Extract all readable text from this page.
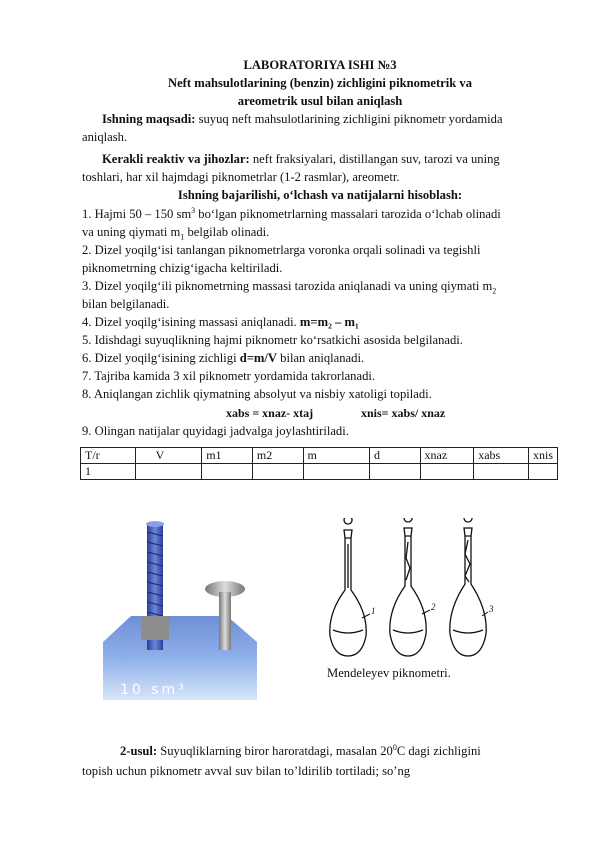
LABORATORIYA ISHI №3
Neft mahsulotlarining (benzin) zichligini piknometrik va
areometrik usul bilan aniqlash
Ishning maqsadi: suyuq neft mahsulotlarining zichligini piknometr yordamida
aniqlash.
Kerakli reaktiv va jihozlar: neft fraksiyalari, distillangan suv, tarozi va uning
toshlari, har xil hajmdagi piknometrlar (1-2 rasmlar), areometr.
Ishning bajarilishi, o‘lchash va natijalarni hisoblash:
1. Hajmi 50 – 150 $sm^3$ bo‘lgan piknometrlarning massalari tarozida o‘lchab olinadi
va uning qiymati $m_1$ belgilab olinadi.
2. Dizel yoqilg‘isi tanlangan piknometrlarga voronka orqali solinadi va tegishli
piknometrning chizig‘igacha keltiriladi.
3. Dizel yoqilg‘ili piknometrning massasi tarozida aniqlanadi va uning qiymati $m_2$
bilan belgilanadi.
4. Dizel yoqilg‘isining massasi aniqlanadi. m=m₂ – m₁
5. Idishdagi suyuqlikning hajmi piknometr ko‘rsatkichi asosida belgilanadi.
6. Dizel yoqilg‘isining zichligi d=m/V bilan aniqlanadi.
7. Tajriba kamida 3 xil piknometr yordamida takrorlanadi.
8. Aniqlangan zichlik qiymatning absolyut va nisbiy xatoligi topiladi.
xabs = xnaz- xtaj	xnis= xabs/ xnaz
9. Olingan natijalar quyidagi jadvalga joylashtiriladi.
T/r	V	m1	m2	m	d	xnaz	xabs	xnis
1								
10 sm³
1	2	3
Mendeleyev piknometri.
2-usul: Suyuqliklarning biror haroratdagi, masalan $20^0C$ dagi zichligini
topish uchun piknometr avval suv bilan to’ldirilib tortiladi; so’ng
